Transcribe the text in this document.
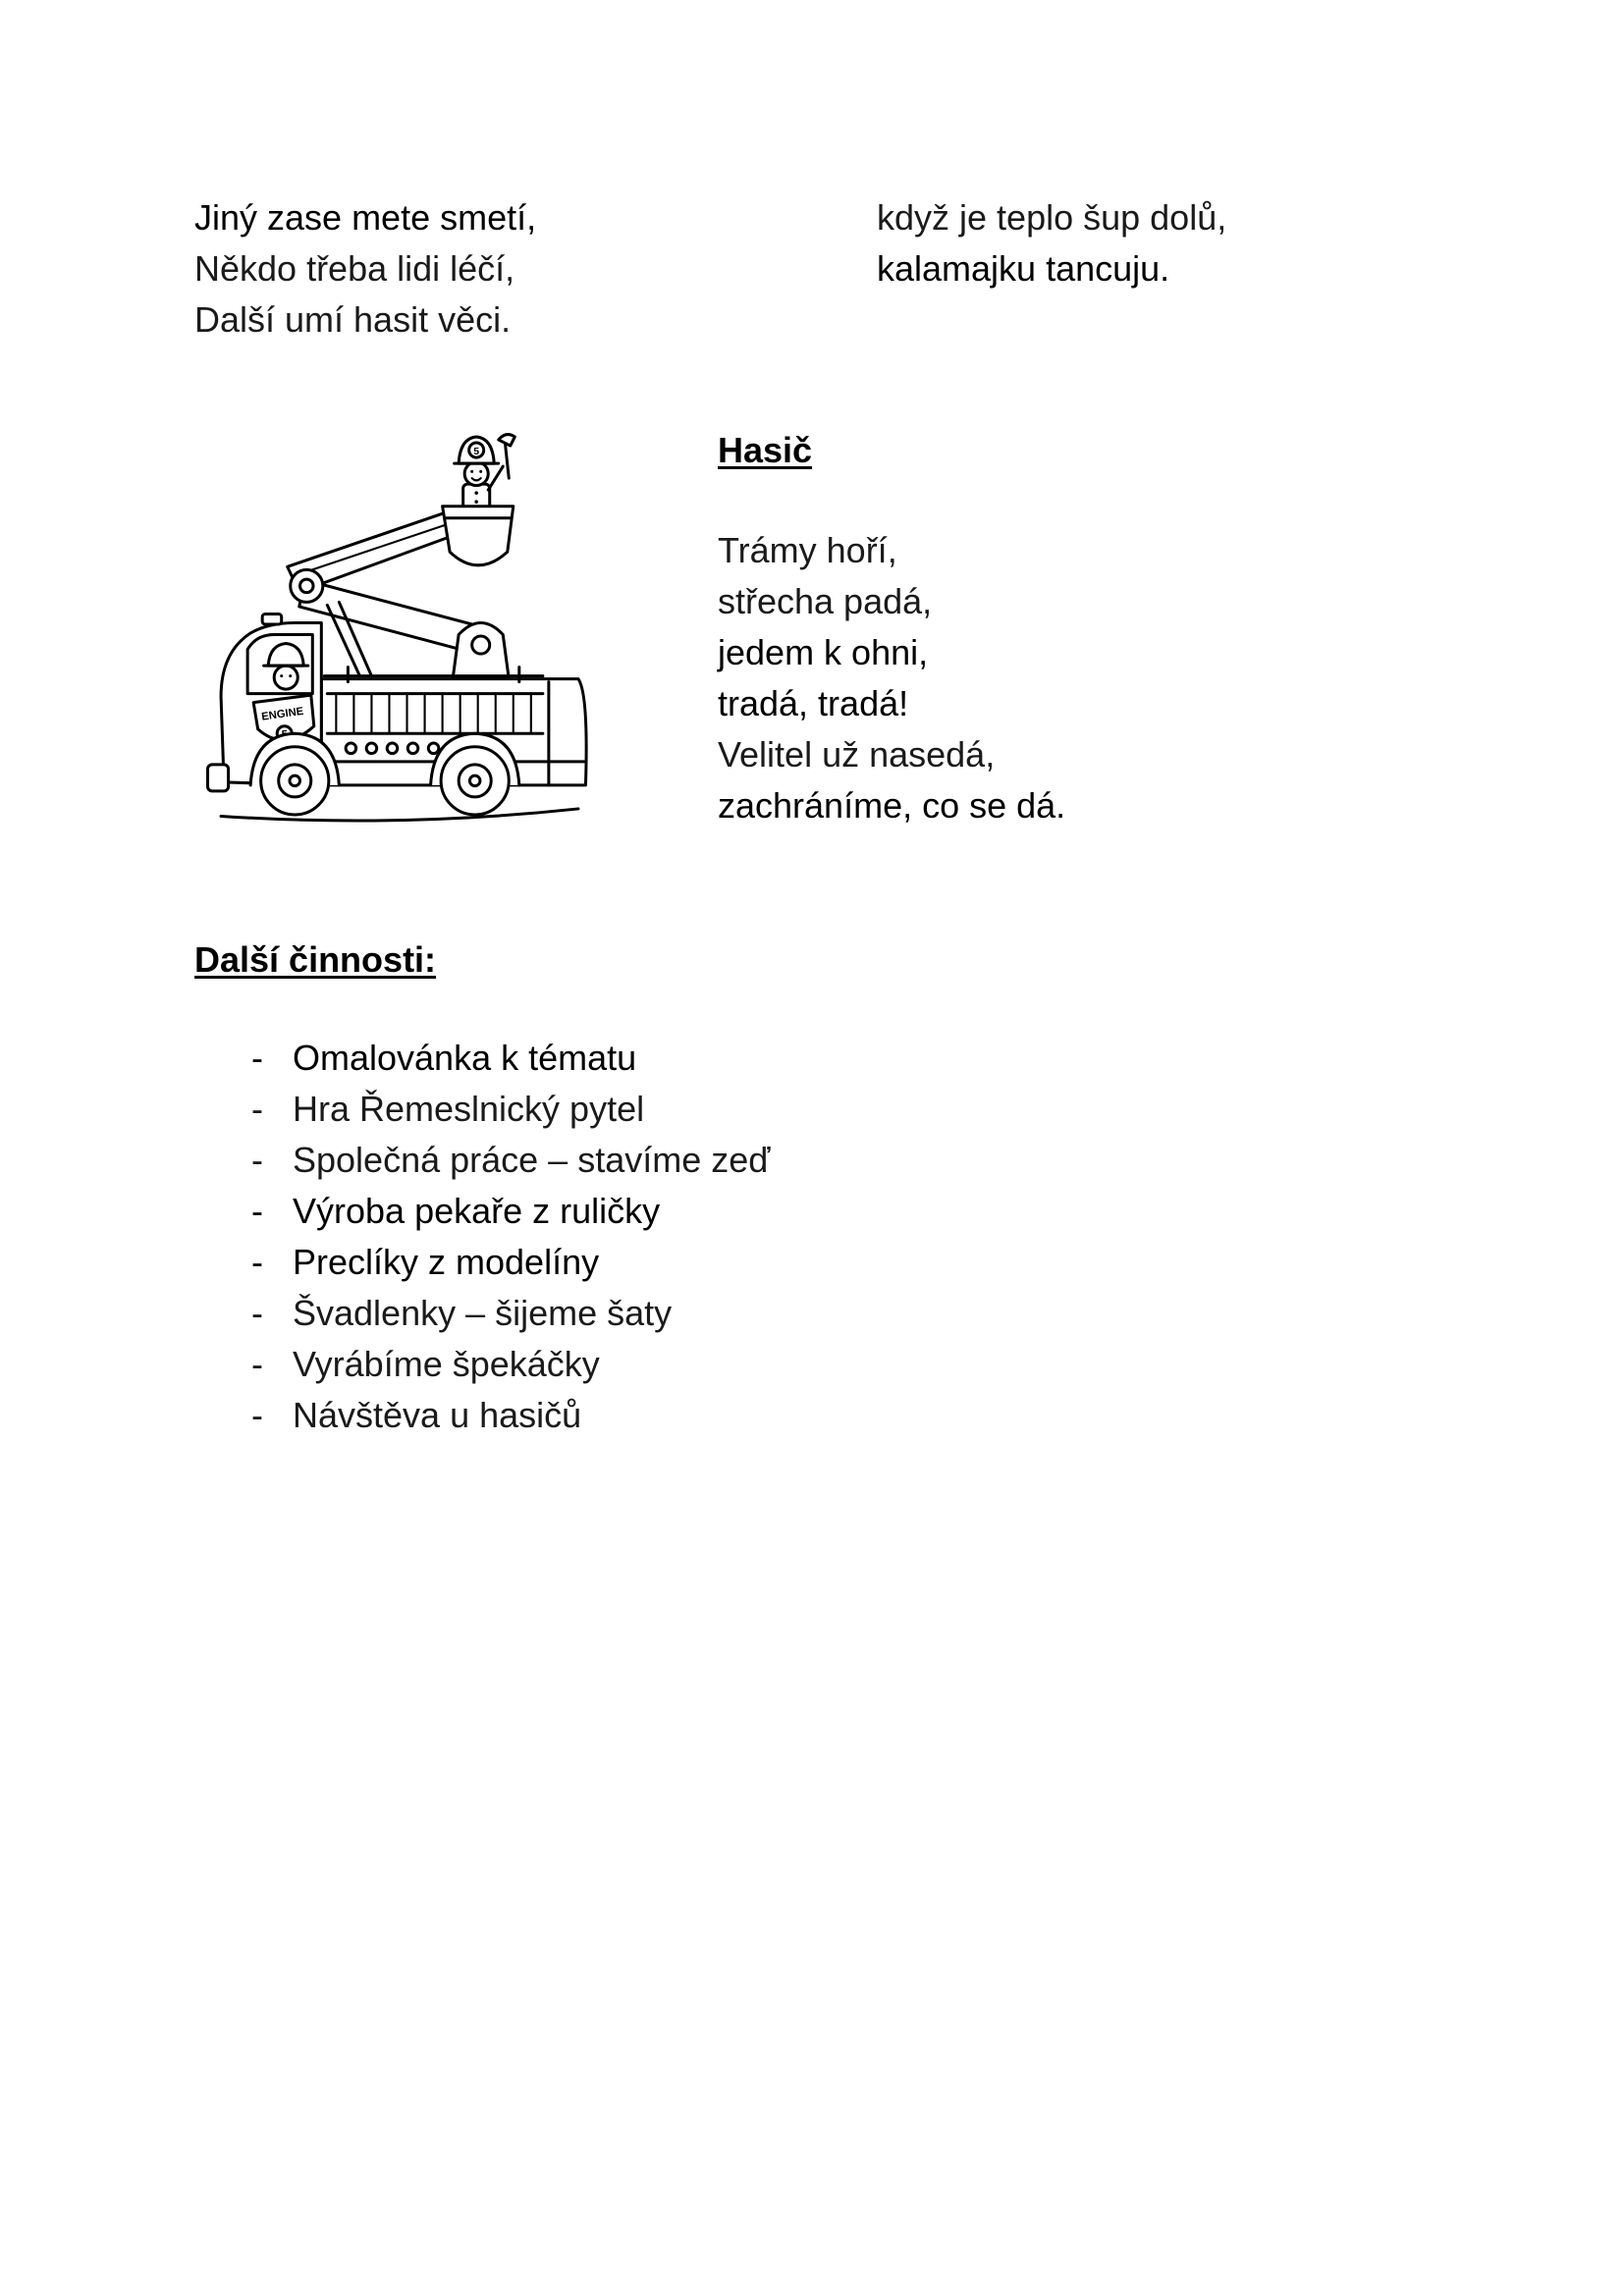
Jiný zase mete smetí,
Někdo třeba lidi léčí,
Další umí hasit věci.
když je teplo šup dolů,
kalamajku tancuju.
5
ENGINE
Hasič
Trámy hoří,
střecha padá,
jedem k ohni,
tradá, tradá!
Velitel už nasedá,
zachráníme, co se dá.
Další činnosti:
- Omalovánka k tématu
- Hra Řemeslnický pytel
- Společná práce – stavíme zeď
- Výroba pekaře z ruličky
- Preclíky z modelíny
- Švadlenky – šijeme šaty
- Vyrábíme špekáčky
- Návštěva u hasičů
